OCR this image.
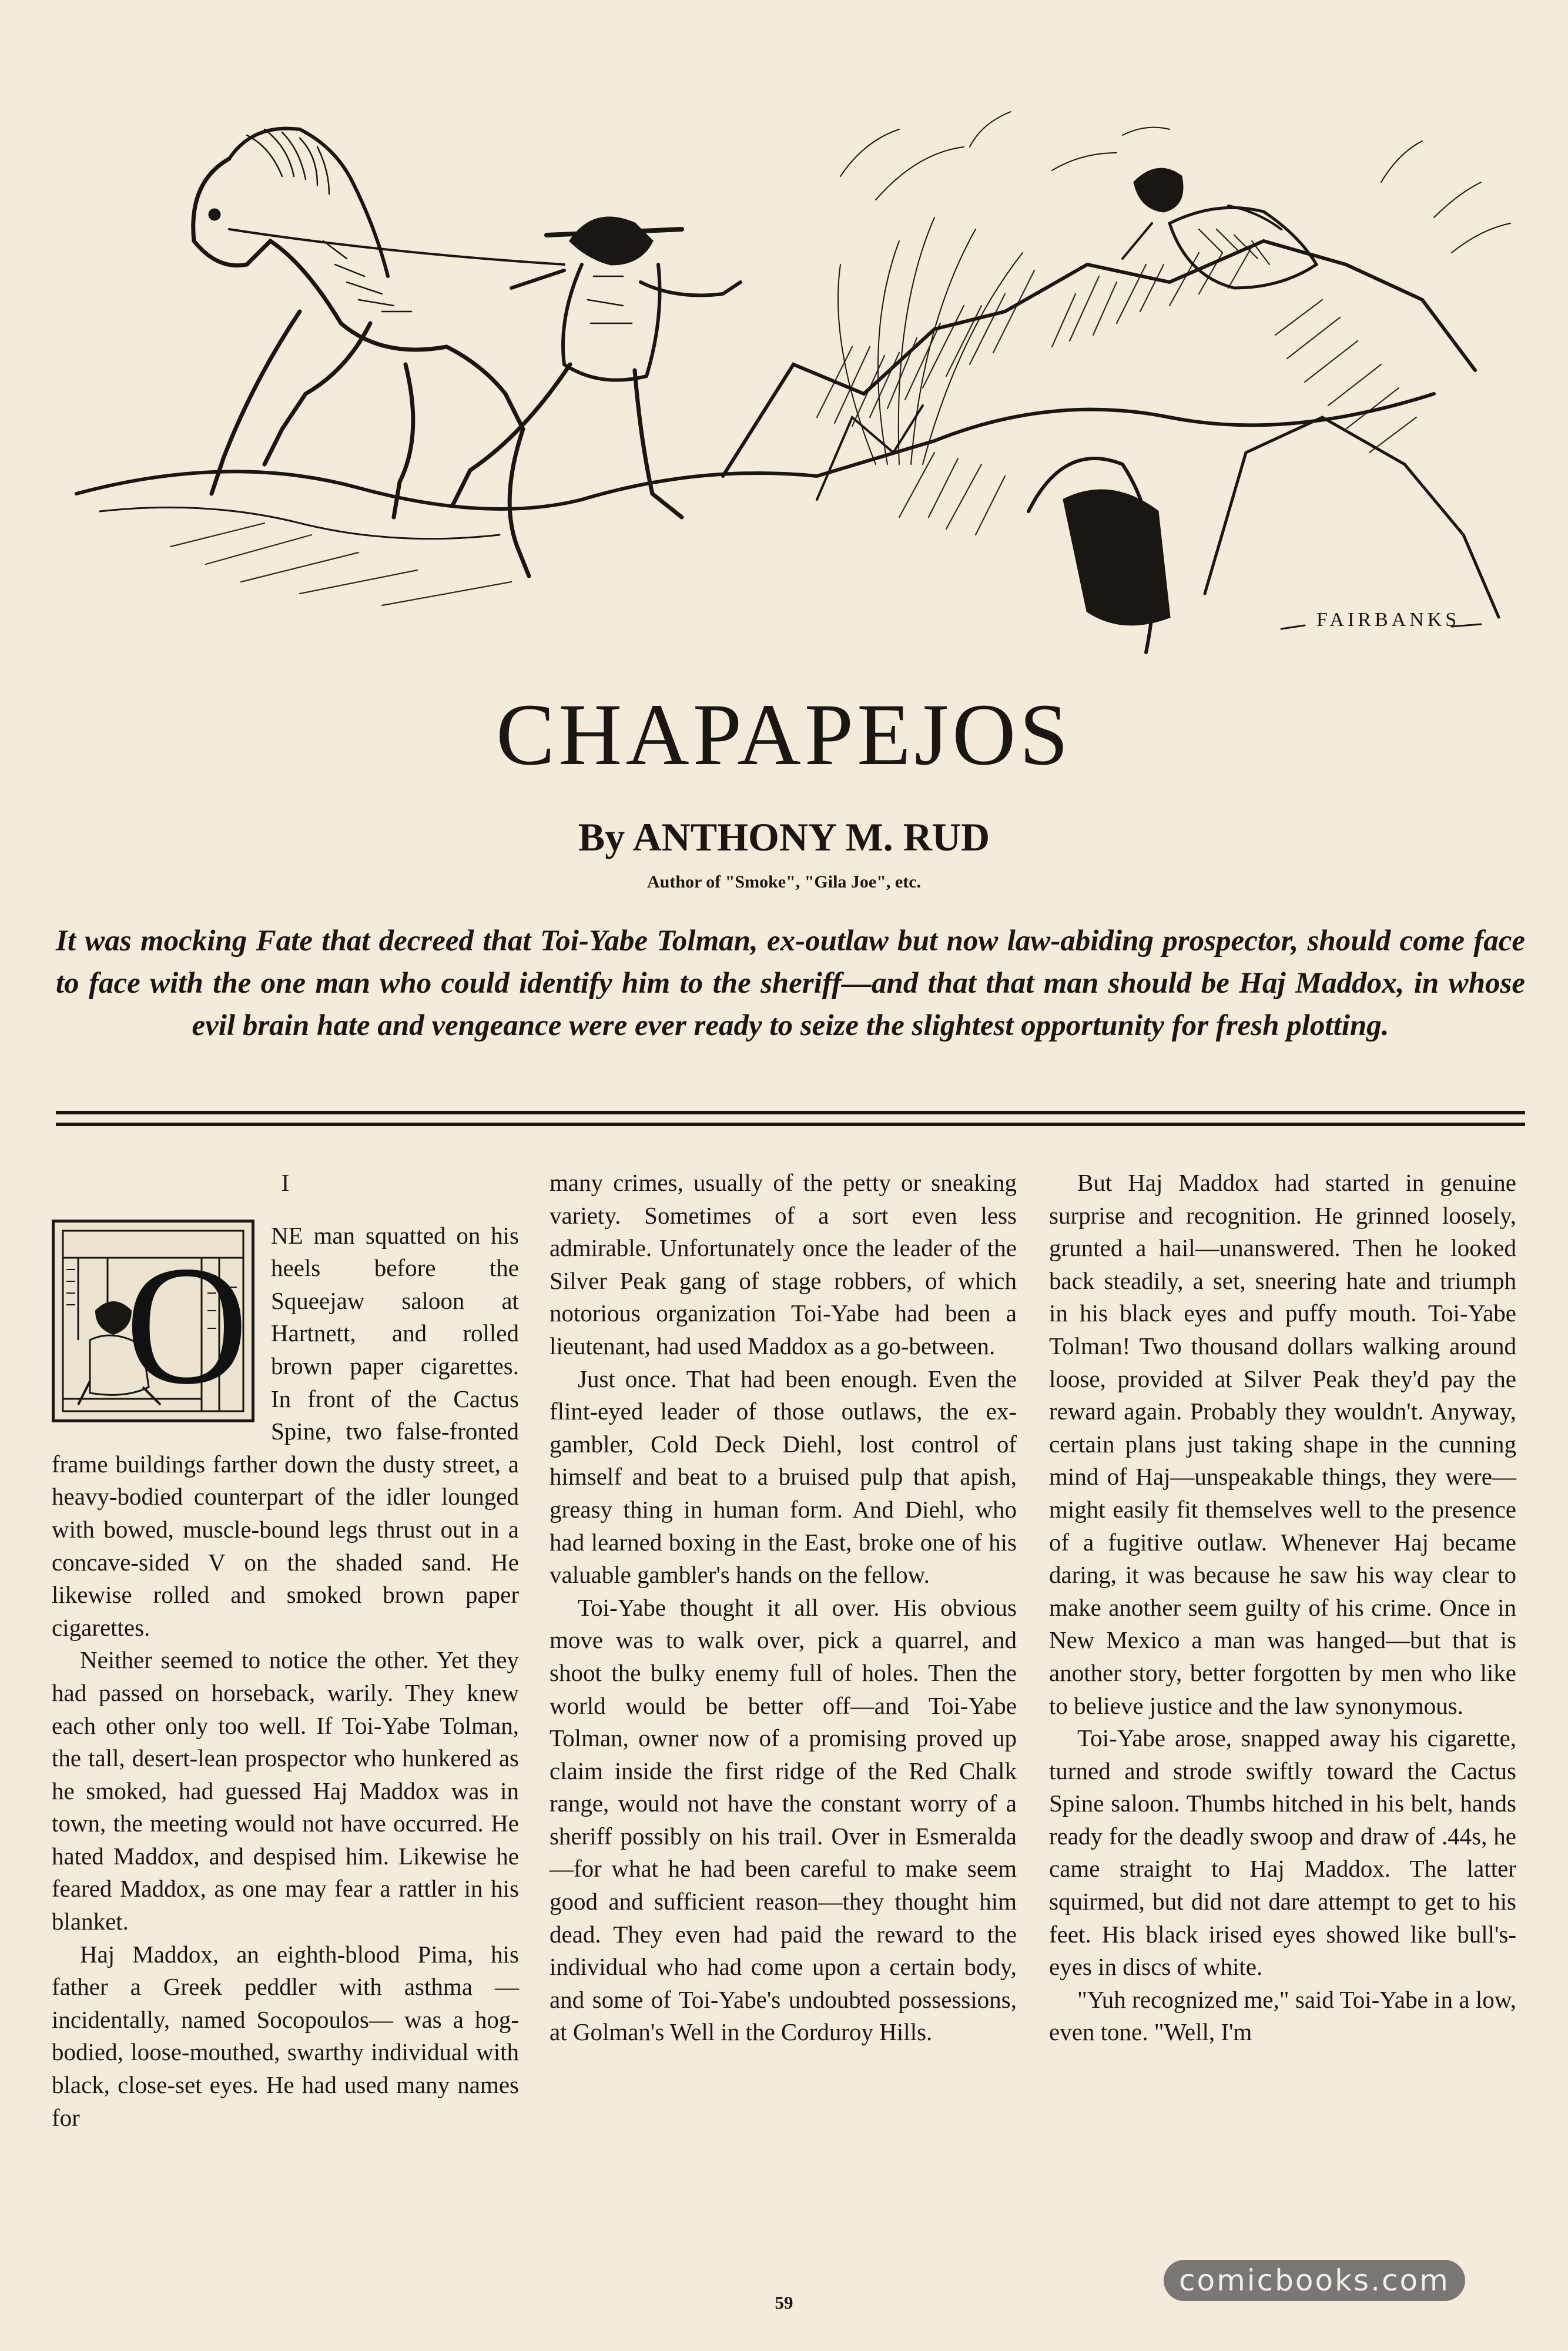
FAIRBANKS
CHAPAPEJOS
By ANTHONY M. RUD
Author of "Smoke", "Gila Joe", etc.
It was mocking Fate that decreed that Toi-Yabe Tolman, ex-outlaw but now law-abiding prospector, should come face to face with the one man who could identify him to the sheriff—and that that man should be Haj Maddox, in whose evil brain hate and vengeance were ever ready to seize the slightest opportunity for fresh plotting.
I
O NE man squatted on his heels before the Squeejaw saloon at Hartnett, and rolled brown paper cigarettes. In front of the Cactus Spine, two false-fronted frame buildings farther down the dusty street, a heavy-bodied counterpart of the idler lounged with bowed, muscle-bound legs thrust out in a concave-sided V on the shaded sand. He likewise rolled and smoked brown paper cigarettes.

Neither seemed to notice the other. Yet they had passed on horseback, warily. They knew each other only too well. If Toi-Yabe Tolman, the tall, desert-lean prospector who hunkered as he smoked, had guessed Haj Maddox was in town, the meeting would not have occurred. He hated Maddox, and despised him. Likewise he feared Maddox, as one may fear a rattler in his blanket.

Haj Maddox, an eighth-blood Pima, his father a Greek peddler with asthma —incidentally, named Socopoulos— was a hog-bodied, loose-mouthed, swarthy individual with black, close-set eyes. He had used many names for

many crimes, usually of the petty or sneaking variety. Sometimes of a sort even less admirable. Unfortunately once the leader of the Silver Peak gang of stage robbers, of which notorious organization Toi-Yabe had been a lieutenant, had used Maddox as a go-between.

Just once. That had been enough. Even the flint-eyed leader of those outlaws, the ex-gambler, Cold Deck Diehl, lost control of himself and beat to a bruised pulp that apish, greasy thing in human form. And Diehl, who had learned boxing in the East, broke one of his valuable gambler's hands on the fellow.

Toi-Yabe thought it all over. His obvious move was to walk over, pick a quarrel, and shoot the bulky enemy full of holes. Then the world would be better off—and Toi-Yabe Tolman, owner now of a promising proved up claim inside the first ridge of the Red Chalk range, would not have the constant worry of a sheriff possibly on his trail. Over in Esmeralda—for what he had been careful to make seem good and sufficient reason—they thought him dead. They even had paid the reward to the individual who had come upon a certain body, and some of Toi-Yabe's undoubted possessions, at Golman's Well in the Corduroy Hills.

But Haj Maddox had started in genuine surprise and recognition. He grinned loosely, grunted a hail—unanswered. Then he looked back steadily, a set, sneering hate and triumph in his black eyes and puffy mouth. Toi-Yabe Tolman! Two thousand dollars walking around loose, provided at Silver Peak they'd pay the reward again. Probably they wouldn't. Anyway, certain plans just taking shape in the cunning mind of Haj—unspeakable things, they were—might easily fit themselves well to the presence of a fugitive outlaw. Whenever Haj became daring, it was because he saw his way clear to make another seem guilty of his crime. Once in New Mexico a man was hanged—but that is another story, better forgotten by men who like to believe justice and the law synonymous.

Toi-Yabe arose, snapped away his cigarette, turned and strode swiftly toward the Cactus Spine saloon. Thumbs hitched in his belt, hands ready for the deadly swoop and draw of .44s, he came straight to Haj Maddox. The latter squirmed, but did not dare attempt to get to his feet. His black irised eyes showed like bull's-eyes in discs of white.

"Yuh recognized me," said Toi-Yabe in a low, even tone. "Well, I'm

59
comicbooks.com
